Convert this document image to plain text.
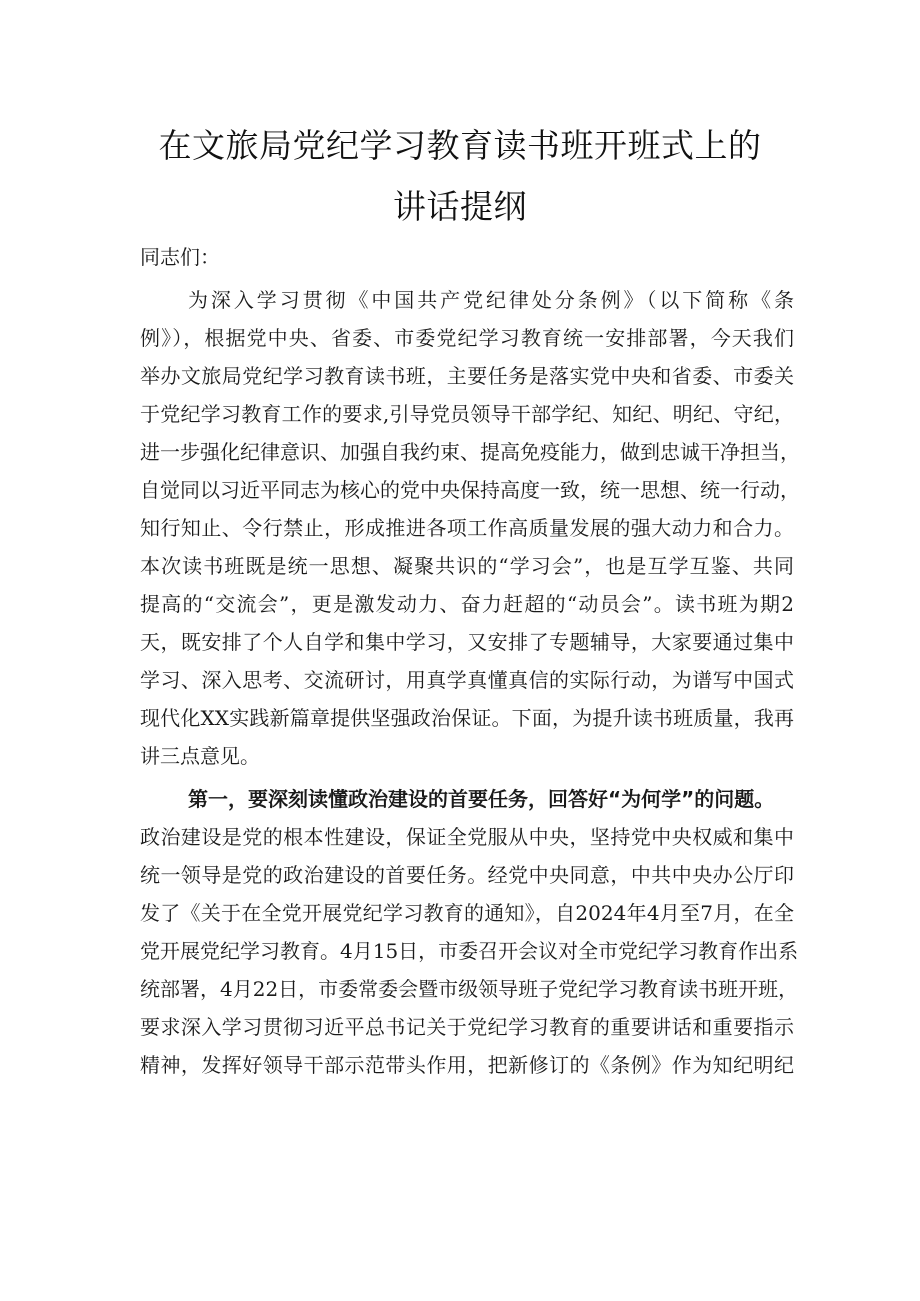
在文旅局党纪学习教育读书班开班式上的
讲话提纲
同志们：
为深入学习贯彻《中国共产党纪律处分条例》（以下简称《条
例》），根据党中央、省委、市委党纪学习教育统一安排部署，今天我们
举办文旅局党纪学习教育读书班，主要任务是落实党中央和省委、市委关
于党纪学习教育工作的要求,引导党员领导干部学纪、知纪、明纪、守纪，
进一步强化纪律意识、加强自我约束、提高免疫能力，做到忠诚干净担当，
自觉同以习近平同志为核心的党中央保持高度一致，统一思想、统一行动，
知行知止、令行禁止，形成推进各项工作高质量发展的强大动力和合力。
本次读书班既是统一思想、凝聚共识的“学习会”，也是互学互鉴、共同
提高的“交流会”，更是激发动力、奋力赶超的“动员会”。读书班为期2
天，既安排了个人自学和集中学习，又安排了专题辅导，大家要通过集中
学习、深入思考、交流研讨，用真学真懂真信的实际行动，为谱写中国式
现代化XX实践新篇章提供坚强政治保证。下面，为提升读书班质量，我再
讲三点意见。
第一，要深刻读懂政治建设的首要任务，回答好“为何学”的问题。
政治建设是党的根本性建设，保证全党服从中央，坚持党中央权威和集中
统一领导是党的政治建设的首要任务。经党中央同意，中共中央办公厅印
发了《关于在全党开展党纪学习教育的通知》，自2024年4月至7月，在全
党开展党纪学习教育。4月15日，市委召开会议对全市党纪学习教育作出系
统部署，4月22日，市委常委会暨市级领导班子党纪学习教育读书班开班，
要求深入学习贯彻习近平总书记关于党纪学习教育的重要讲话和重要指示
精神，发挥好领导干部示范带头作用，把新修订的《条例》作为知纪明纪
